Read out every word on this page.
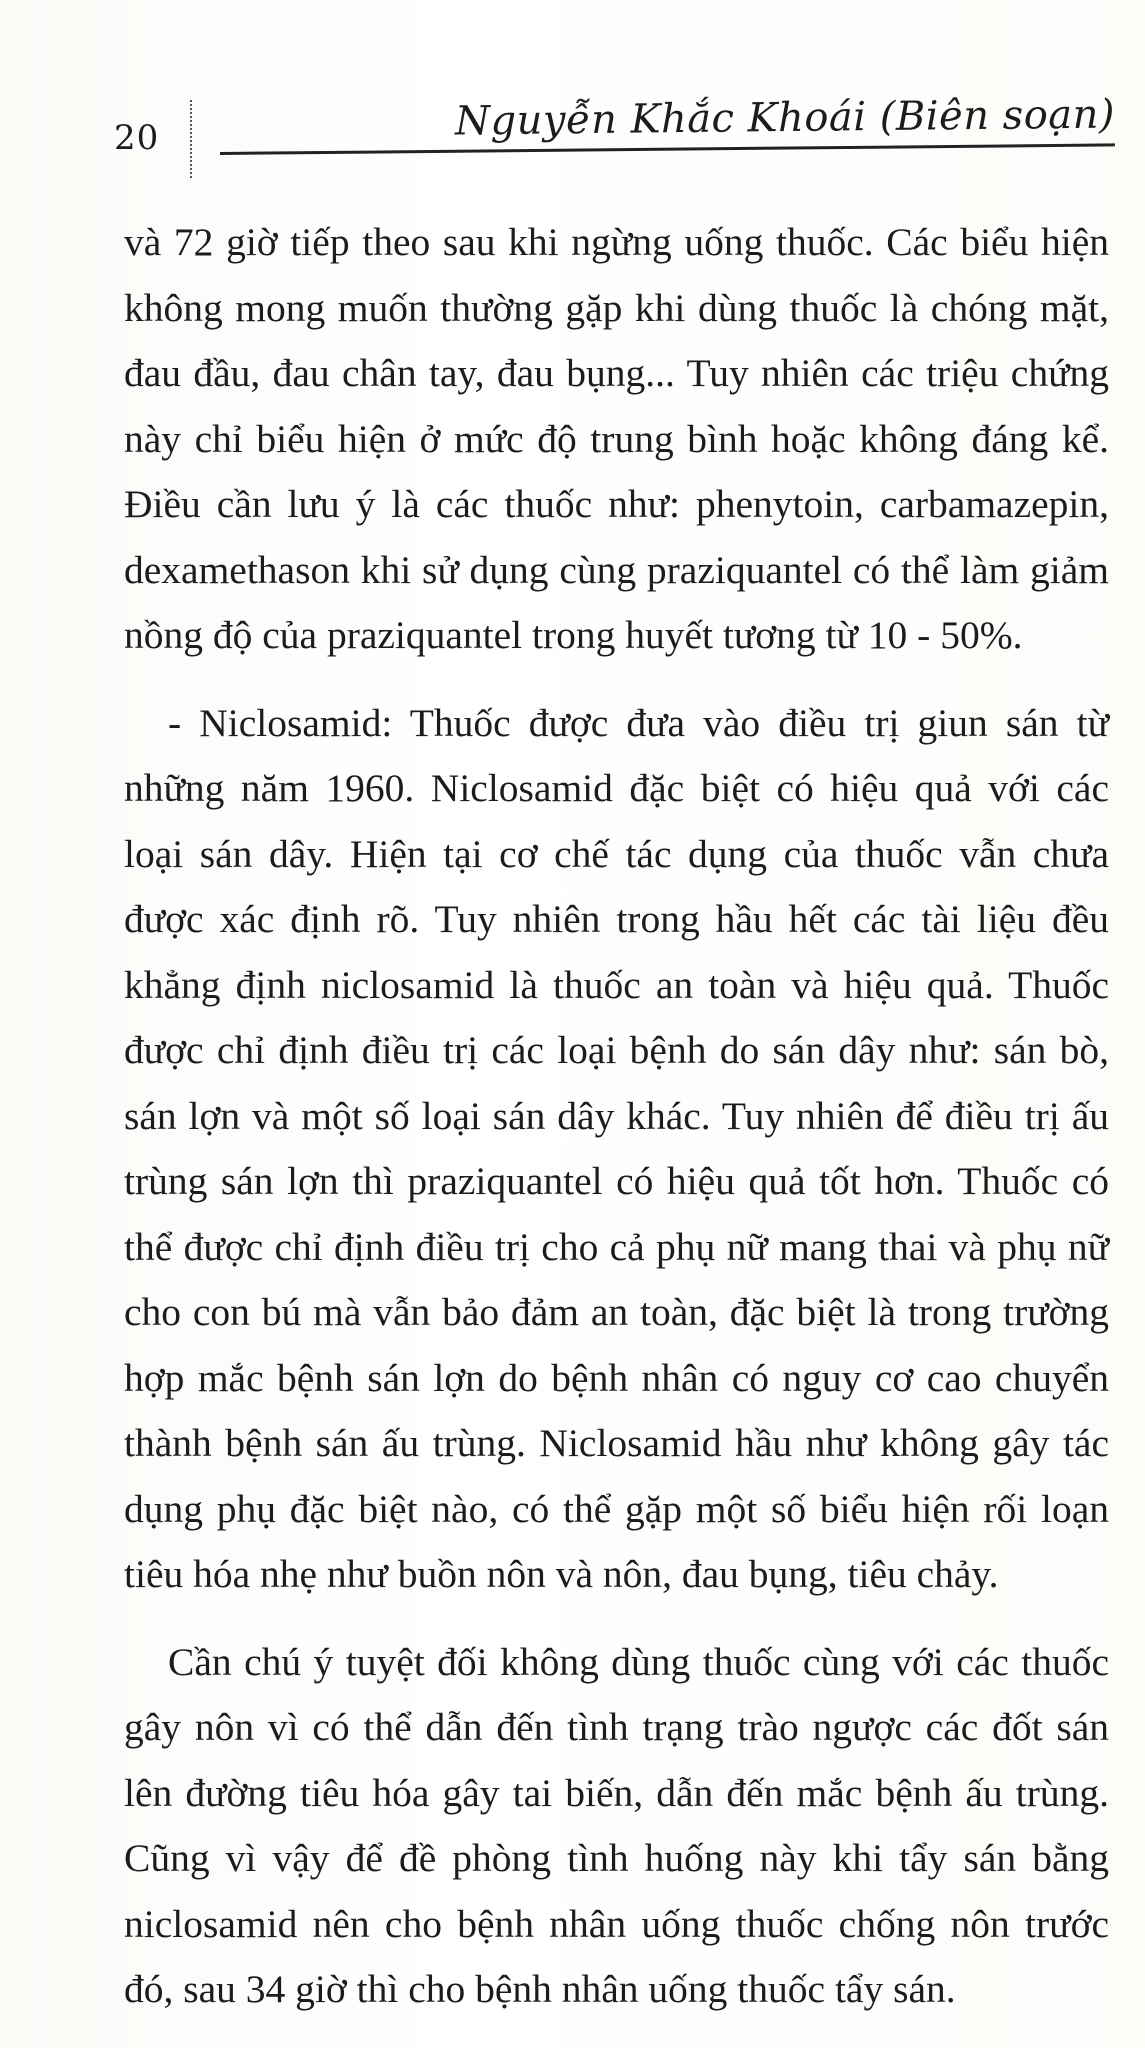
20	Nguyễn Khắc Khoái (Biên soạn)

và 72 giờ tiếp theo sau khi ngừng uống thuốc. Các biểu hiện không mong muốn thường gặp khi dùng thuốc là chóng mặt, đau đầu, đau chân tay, đau bụng... Tuy nhiên các triệu chứng này chỉ biểu hiện ở mức độ trung bình hoặc không đáng kể. Điều cần lưu ý là các thuốc như: phenytoin, carbamazepin, dexamethason khi sử dụng cùng praziquantel có thể làm giảm nồng độ của praziquantel trong huyết tương từ 10 - 50%.

- Niclosamid: Thuốc được đưa vào điều trị giun sán từ những năm 1960. Niclosamid đặc biệt có hiệu quả với các loại sán dây. Hiện tại cơ chế tác dụng của thuốc vẫn chưa được xác định rõ. Tuy nhiên trong hầu hết các tài liệu đều khẳng định niclosamid là thuốc an toàn và hiệu quả. Thuốc được chỉ định điều trị các loại bệnh do sán dây như: sán bò, sán lợn và một số loại sán dây khác. Tuy nhiên để điều trị ấu trùng sán lợn thì praziquantel có hiệu quả tốt hơn. Thuốc có thể được chỉ định điều trị cho cả phụ nữ mang thai và phụ nữ cho con bú mà vẫn bảo đảm an toàn, đặc biệt là trong trường hợp mắc bệnh sán lợn do bệnh nhân có nguy cơ cao chuyển thành bệnh sán ấu trùng. Niclosamid hầu như không gây tác dụng phụ đặc biệt nào, có thể gặp một số biểu hiện rối loạn tiêu hóa nhẹ như buồn nôn và nôn, đau bụng, tiêu chảy.

Cần chú ý tuyệt đối không dùng thuốc cùng với các thuốc gây nôn vì có thể dẫn đến tình trạng trào ngược các đốt sán lên đường tiêu hóa gây tai biến, dẫn đến mắc bệnh ấu trùng. Cũng vì vậy để đề phòng tình huống này khi tẩy sán bằng niclosamid nên cho bệnh nhân uống thuốc chống nôn trước đó, sau 34 giờ thì cho bệnh nhân uống thuốc tẩy sán.
